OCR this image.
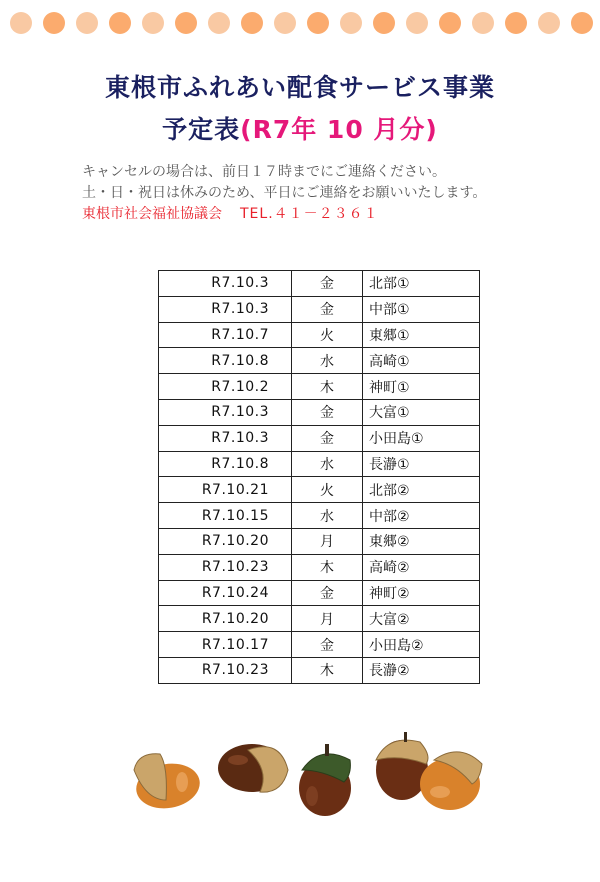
東根市ふれあい配食サービス事業
予定表(R7年 10 月分)
キャンセルの場合は、前日１７時までにご連絡ください。
土・日・祝日は休みのため、平日にご連絡をお願いいたします。
東根市社会福祉協議会 TEL.４１－２３６１
R7.10.3	金	北部①
R7.10.3	金	中部①
R7.10.7	火	東郷①
R7.10.8	水	高崎①
R7.10.2	木	神町①
R7.10.3	金	大富①
R7.10.3	金	小田島①
R7.10.8	水	長瀞①
R7.10.21	火	北部②
R7.10.15	水	中部②
R7.10.20	月	東郷②
R7.10.23	木	高崎②
R7.10.24	金	神町②
R7.10.20	月	大富②
R7.10.17	金	小田島②
R7.10.23	木	長瀞②
